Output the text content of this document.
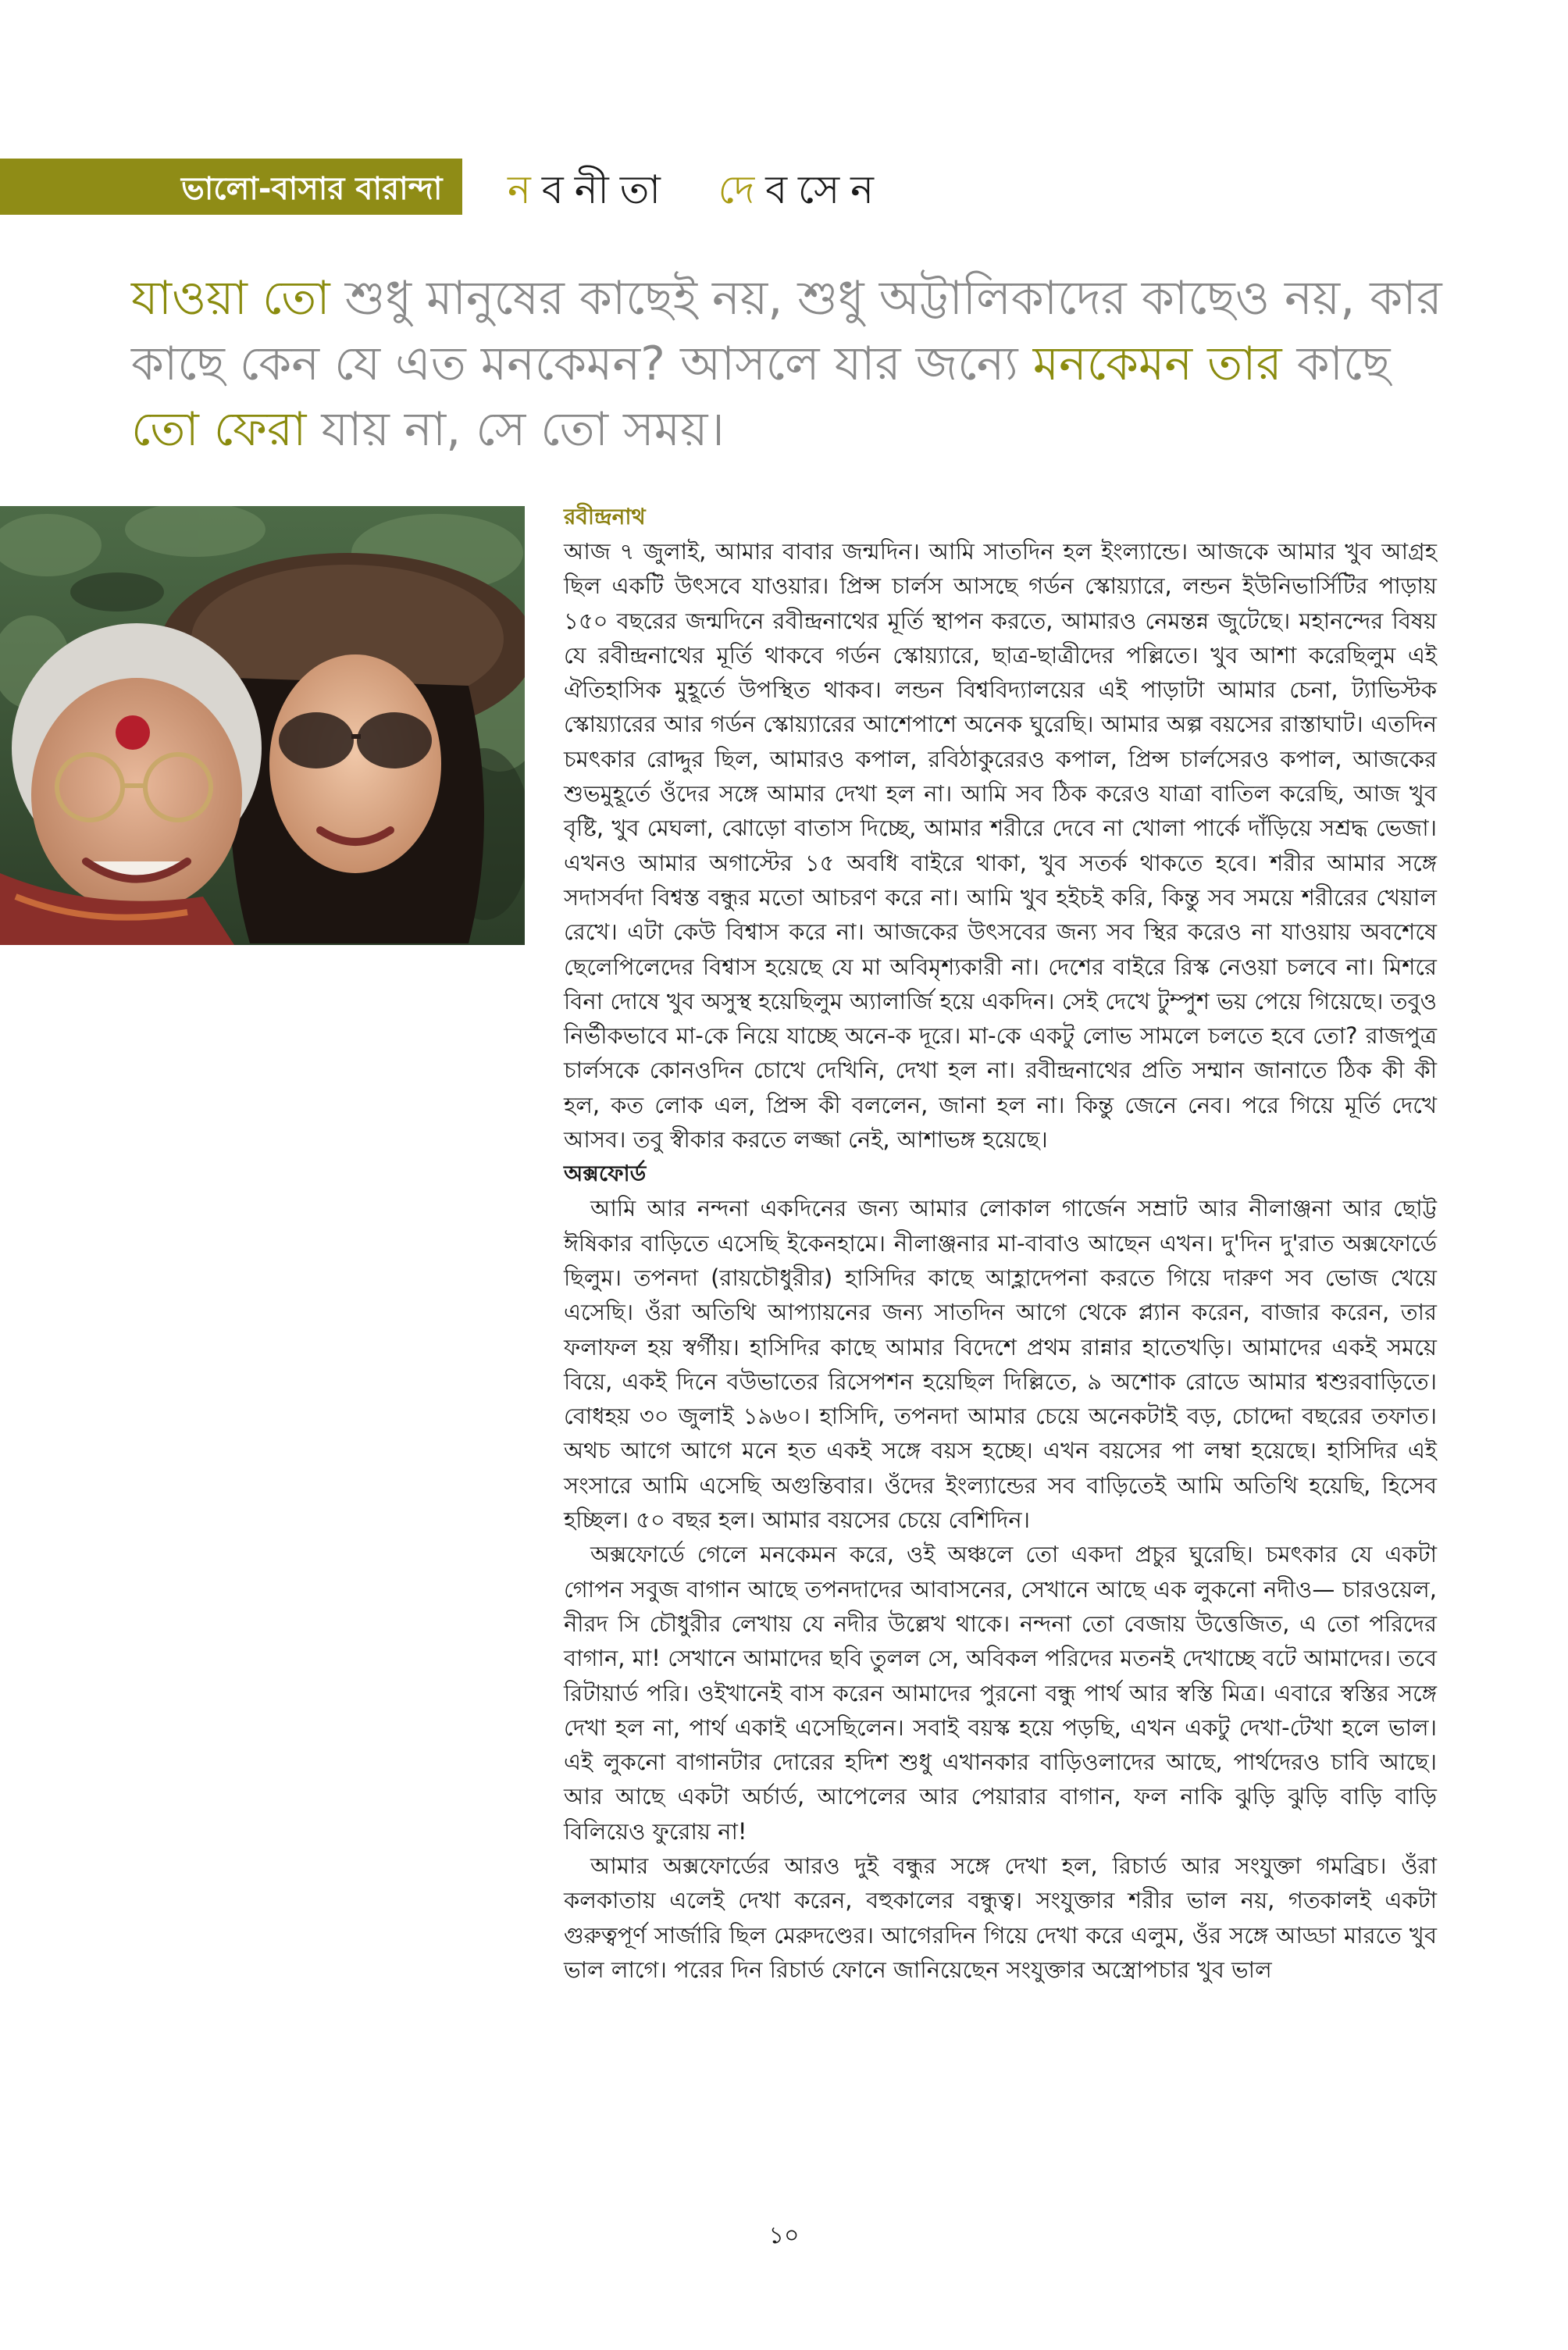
ভালো-বাসার বারান্দা নবনীতা দেবসেন
যাওয়া তো শুধু মানুষের কাছেই নয়, শুধু অট্টালিকাদের কাছেও নয়, কার কাছে কেন যে এত মনকেমন? আসলে যার জন্যে মনকেমন তার কাছে তো ফেরা যায় না, সে তো সময়।

রবীন্দ্রনাথ

আজ ৭ জুলাই, আমার বাবার জন্মদিন। আমি সাতদিন হল ইংল্যান্ডে। আজকে আমার খুব আগ্রহ ছিল একটি উৎসবে যাওয়ার। প্রিন্স চার্লস আসছে গর্ডন স্কোয়্যারে, লন্ডন ইউনিভার্সিটির পাড়ায় ১৫০ বছরের জন্মদিনে রবীন্দ্রনাথের মূর্তি স্থাপন করতে, আমারও নেমন্তন্ন জুটেছে। মহানন্দের বিষয় যে রবীন্দ্রনাথের মূর্তি থাকবে গর্ডন স্কোয়্যারে, ছাত্র-ছাত্রীদের পল্লিতে। খুব আশা করেছিলুম এই ঐতিহাসিক মুহূর্তে উপস্থিত থাকব। লন্ডন বিশ্ববিদ্যালয়ের এই পাড়াটা আমার চেনা, ট্যাভিস্টক স্কোয়্যারের আর গর্ডন স্কোয়্যারের আশেপাশে অনেক ঘুরেছি। আমার অল্প বয়সের রাস্তাঘাট। এতদিন চমৎকার রোদ্দুর ছিল, আমারও কপাল, রবিঠাকুরেরও কপাল, প্রিন্স চার্লসেরও কপাল, আজকের শুভমুহূর্তে ওঁদের সঙ্গে আমার দেখা হল না। আমি সব ঠিক করেও যাত্রা বাতিল করেছি, আজ খুব বৃষ্টি, খুব মেঘলা, ঝোড়ো বাতাস দিচ্ছে, আমার শরীরে দেবে না খোলা পার্কে দাঁড়িয়ে সশ্রদ্ধ ভেজা। এখনও আমার অগাস্টের ১৫ অবধি বাইরে থাকা, খুব সতর্ক থাকতে হবে। শরীর আমার সঙ্গে সদাসর্বদা বিশ্বস্ত বন্ধুর মতো আচরণ করে না। আমি খুব হইচই করি, কিন্তু সব সময়ে শরীরের খেয়াল রেখে। এটা কেউ বিশ্বাস করে না। আজকের উৎসবের জন্য সব স্থির করেও না যাওয়ায় অবশেষে ছেলেপিলেদের বিশ্বাস হয়েছে যে মা অবিমৃশ্যকারী না। দেশের বাইরে রিস্ক নেওয়া চলবে না। মিশরে বিনা দোষে খুব অসুস্থ হয়েছিলুম অ্যালার্জি হয়ে একদিন। সেই দেখে টুম্পুশ ভয় পেয়ে গিয়েছে। তবুও নির্ভীকভাবে মা-কে নিয়ে যাচ্ছে অনে-ক দূরে। মা-কে একটু লোভ সামলে চলতে হবে তো? রাজপুত্র চার্লসকে কোনওদিন চোখে দেখিনি, দেখা হল না। রবীন্দ্রনাথের প্রতি সম্মান জানাতে ঠিক কী কী হল, কত লোক এল, প্রিন্স কী বললেন, জানা হল না। কিন্তু জেনে নেব। পরে গিয়ে মূর্তি দেখে আসব। তবু স্বীকার করতে লজ্জা নেই, আশাভঙ্গ হয়েছে।

অক্সফোর্ড

আমি আর নন্দনা একদিনের জন্য আমার লোকাল গার্জেন সম্রাট আর নীলাঞ্জনা আর ছোট্ট ঈষিকার বাড়িতে এসেছি ইকেনহামে। নীলাঞ্জনার মা-বাবাও আছেন এখন। দু'দিন দু'রাত অক্সফোর্ডে ছিলুম। তপনদা (রায়চৌধুরীর) হাসিদির কাছে আহ্লাদেপনা করতে গিয়ে দারুণ সব ভোজ খেয়ে এসেছি। ওঁরা অতিথি আপ্যায়নের জন্য সাতদিন আগে থেকে প্ল্যান করেন, বাজার করেন, তার ফলাফল হয় স্বর্গীয়। হাসিদির কাছে আমার বিদেশে প্রথম রান্নার হাতেখড়ি। আমাদের একই সময়ে বিয়ে, একই দিনে বউভাতের রিসেপশন হয়েছিল দিল্লিতে, ৯ অশোক রোডে আমার শ্বশুরবাড়িতে। বোধহয় ৩০ জুলাই ১৯৬০। হাসিদি, তপনদা আমার চেয়ে অনেকটাই বড়, চোদ্দো বছরের তফাত। অথচ আগে আগে মনে হত একই সঙ্গে বয়স হচ্ছে। এখন বয়সের পা লম্বা হয়েছে। হাসিদির এই সংসারে আমি এসেছি অগুন্তিবার। ওঁদের ইংল্যান্ডের সব বাড়িতেই আমি অতিথি হয়েছি, হিসেব হচ্ছিল। ৫০ বছর হল। আমার বয়সের চেয়ে বেশিদিন।

অক্সফোর্ডে গেলে মনকেমন করে, ওই অঞ্চলে তো একদা প্রচুর ঘুরেছি। চমৎকার যে একটা গোপন সবুজ বাগান আছে তপনদাদের আবাসনের, সেখানে আছে এক লুকনো নদীও— চারওয়েল, নীরদ সি চৌধুরীর লেখায় যে নদীর উল্লেখ থাকে। নন্দনা তো বেজায় উত্তেজিত, এ তো পরিদের বাগান, মা! সেখানে আমাদের ছবি তুলল সে, অবিকল পরিদের মতনই দেখাচ্ছে বটে আমাদের। তবে রিটায়ার্ড পরি। ওইখানেই বাস করেন আমাদের পুরনো বন্ধু পার্থ আর স্বস্তি মিত্র। এবারে স্বস্তির সঙ্গে দেখা হল না, পার্থ একাই এসেছিলেন। সবাই বয়স্ক হয়ে পড়ছি, এখন একটু দেখা-টেখা হলে ভাল। এই লুকনো বাগানটার দোরের হদিশ শুধু এখানকার বাড়িওলাদের আছে, পার্থদেরও চাবি আছে। আর আছে একটা অর্চার্ড, আপেলের আর পেয়ারার বাগান, ফল নাকি ঝুড়ি ঝুড়ি বাড়ি বাড়ি বিলিয়েও ফুরোয় না!

আমার অক্সফোর্ডের আরও দুই বন্ধুর সঙ্গে দেখা হল, রিচার্ড আর সংযুক্তা গমব্রিচ। ওঁরা কলকাতায় এলেই দেখা করেন, বহুকালের বন্ধুত্ব। সংযুক্তার শরীর ভাল নয়, গতকালই একটা গুরুত্বপূর্ণ সার্জারি ছিল মেরুদণ্ডের। আগেরদিন গিয়ে দেখা করে এলুম, ওঁর সঙ্গে আড্ডা মারতে খুব ভাল লাগে। পরের দিন রিচার্ড ফোনে জানিয়েছেন সংযুক্তার অস্ত্রোপচার খুব ভাল

১০
